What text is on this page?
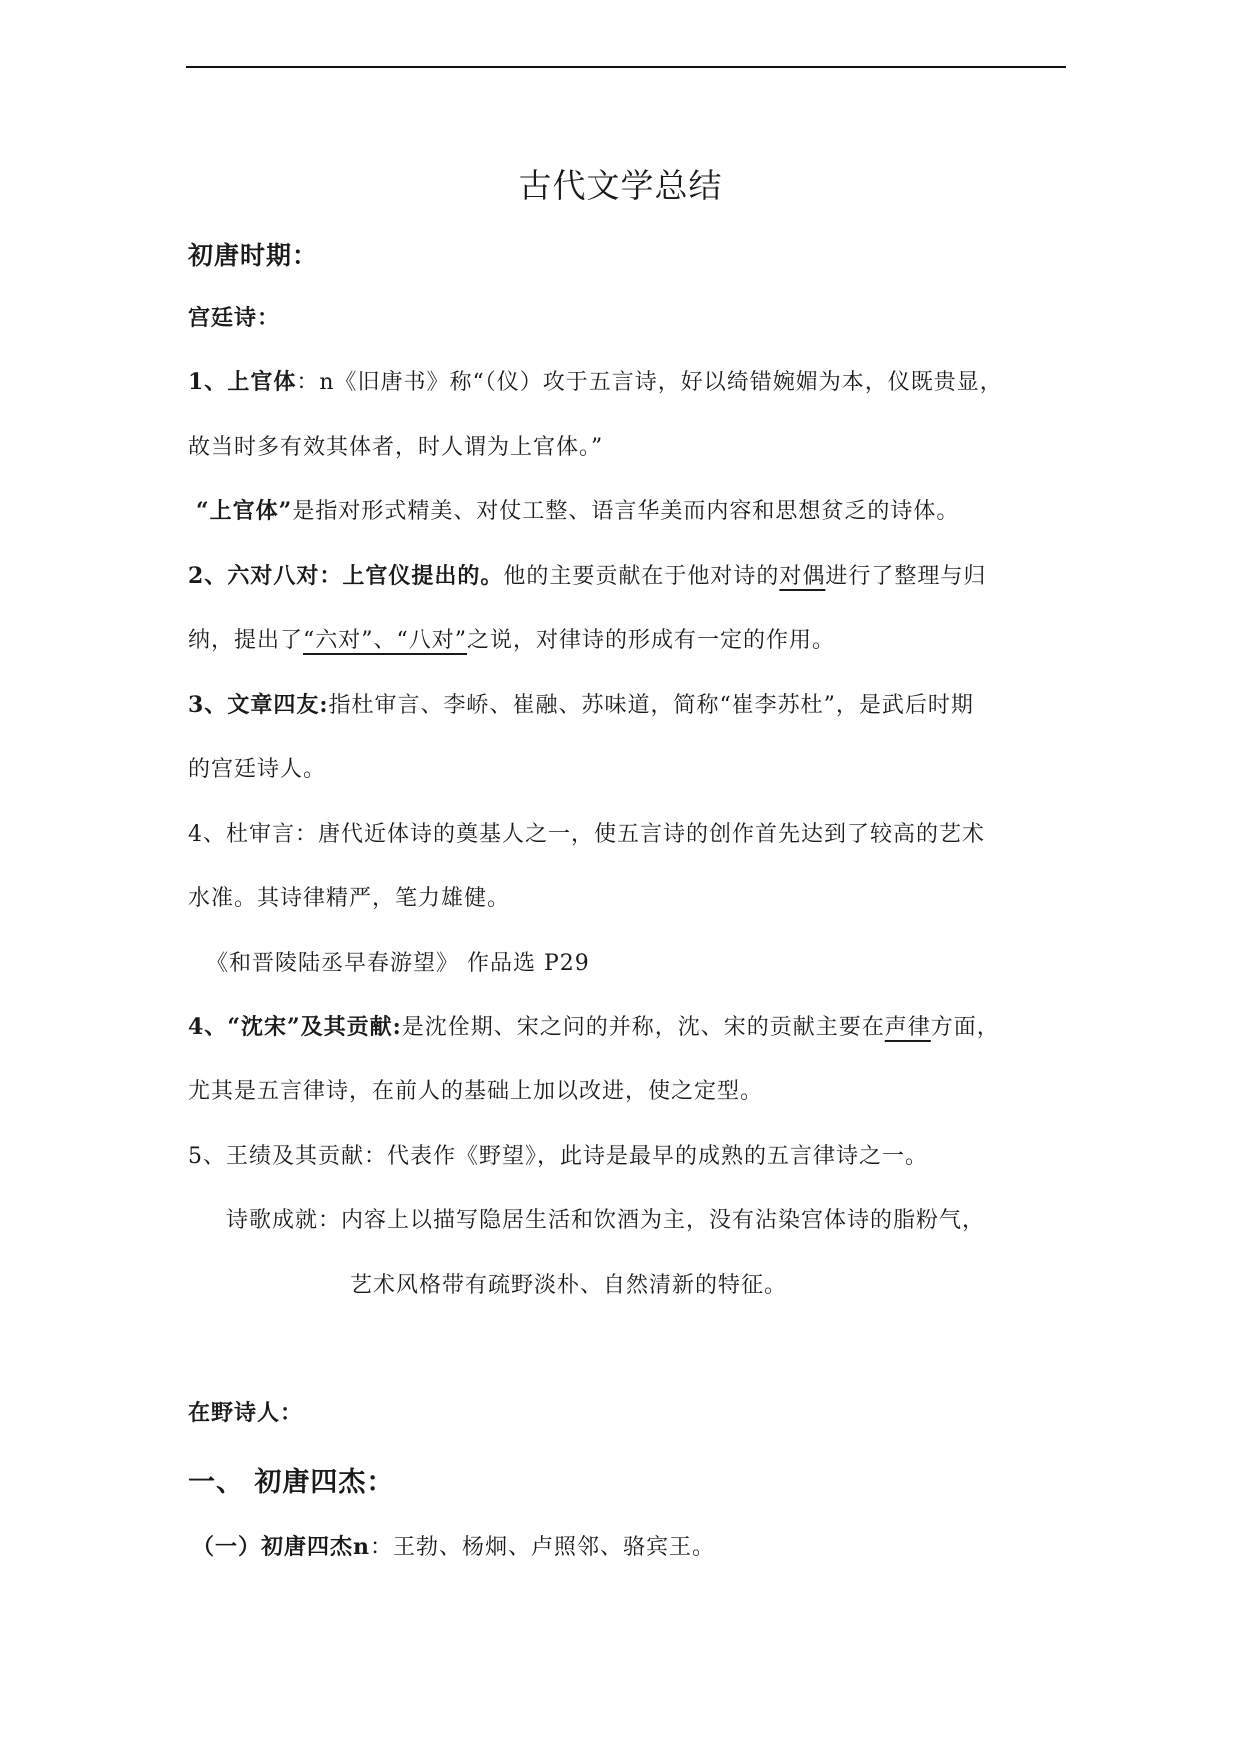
古代文学总结
初唐时期：
宫廷诗：
1、上官体：n《旧唐书》称“（仪）攻于五言诗，好以绮错婉媚为本，仪既贵显，
故当时多有效其体者，时人谓为上官体。”
“上官体”是指对形式精美、对仗工整、语言华美而内容和思想贫乏的诗体。
2、六对八对：上官仪提出的。他的主要贡献在于他对诗的对偶进行了整理与归
纳，提出了“六对”、“八对”之说，对律诗的形成有一定的作用。
3、文章四友:指杜审言、李峤、崔融、苏味道，简称“崔李苏杜”，是武后时期
的宫廷诗人。
4、杜审言：唐代近体诗的奠基人之一，使五言诗的创作首先达到了较高的艺术
水准。其诗律精严，笔力雄健。
《和晋陵陆丞早春游望》 作品选 P29
4、“沈宋”及其贡献:是沈佺期、宋之问的并称，沈、宋的贡献主要在声律方面，
尤其是五言律诗，在前人的基础上加以改进，使之定型。
5、王绩及其贡献：代表作《野望》，此诗是最早的成熟的五言律诗之一。
诗歌成就：内容上以描写隐居生活和饮酒为主，没有沾染宫体诗的脂粉气，
艺术风格带有疏野淡朴、自然清新的特征。
在野诗人：
一、 初唐四杰：
（一）初唐四杰n：王勃、杨炯、卢照邻、骆宾王。
